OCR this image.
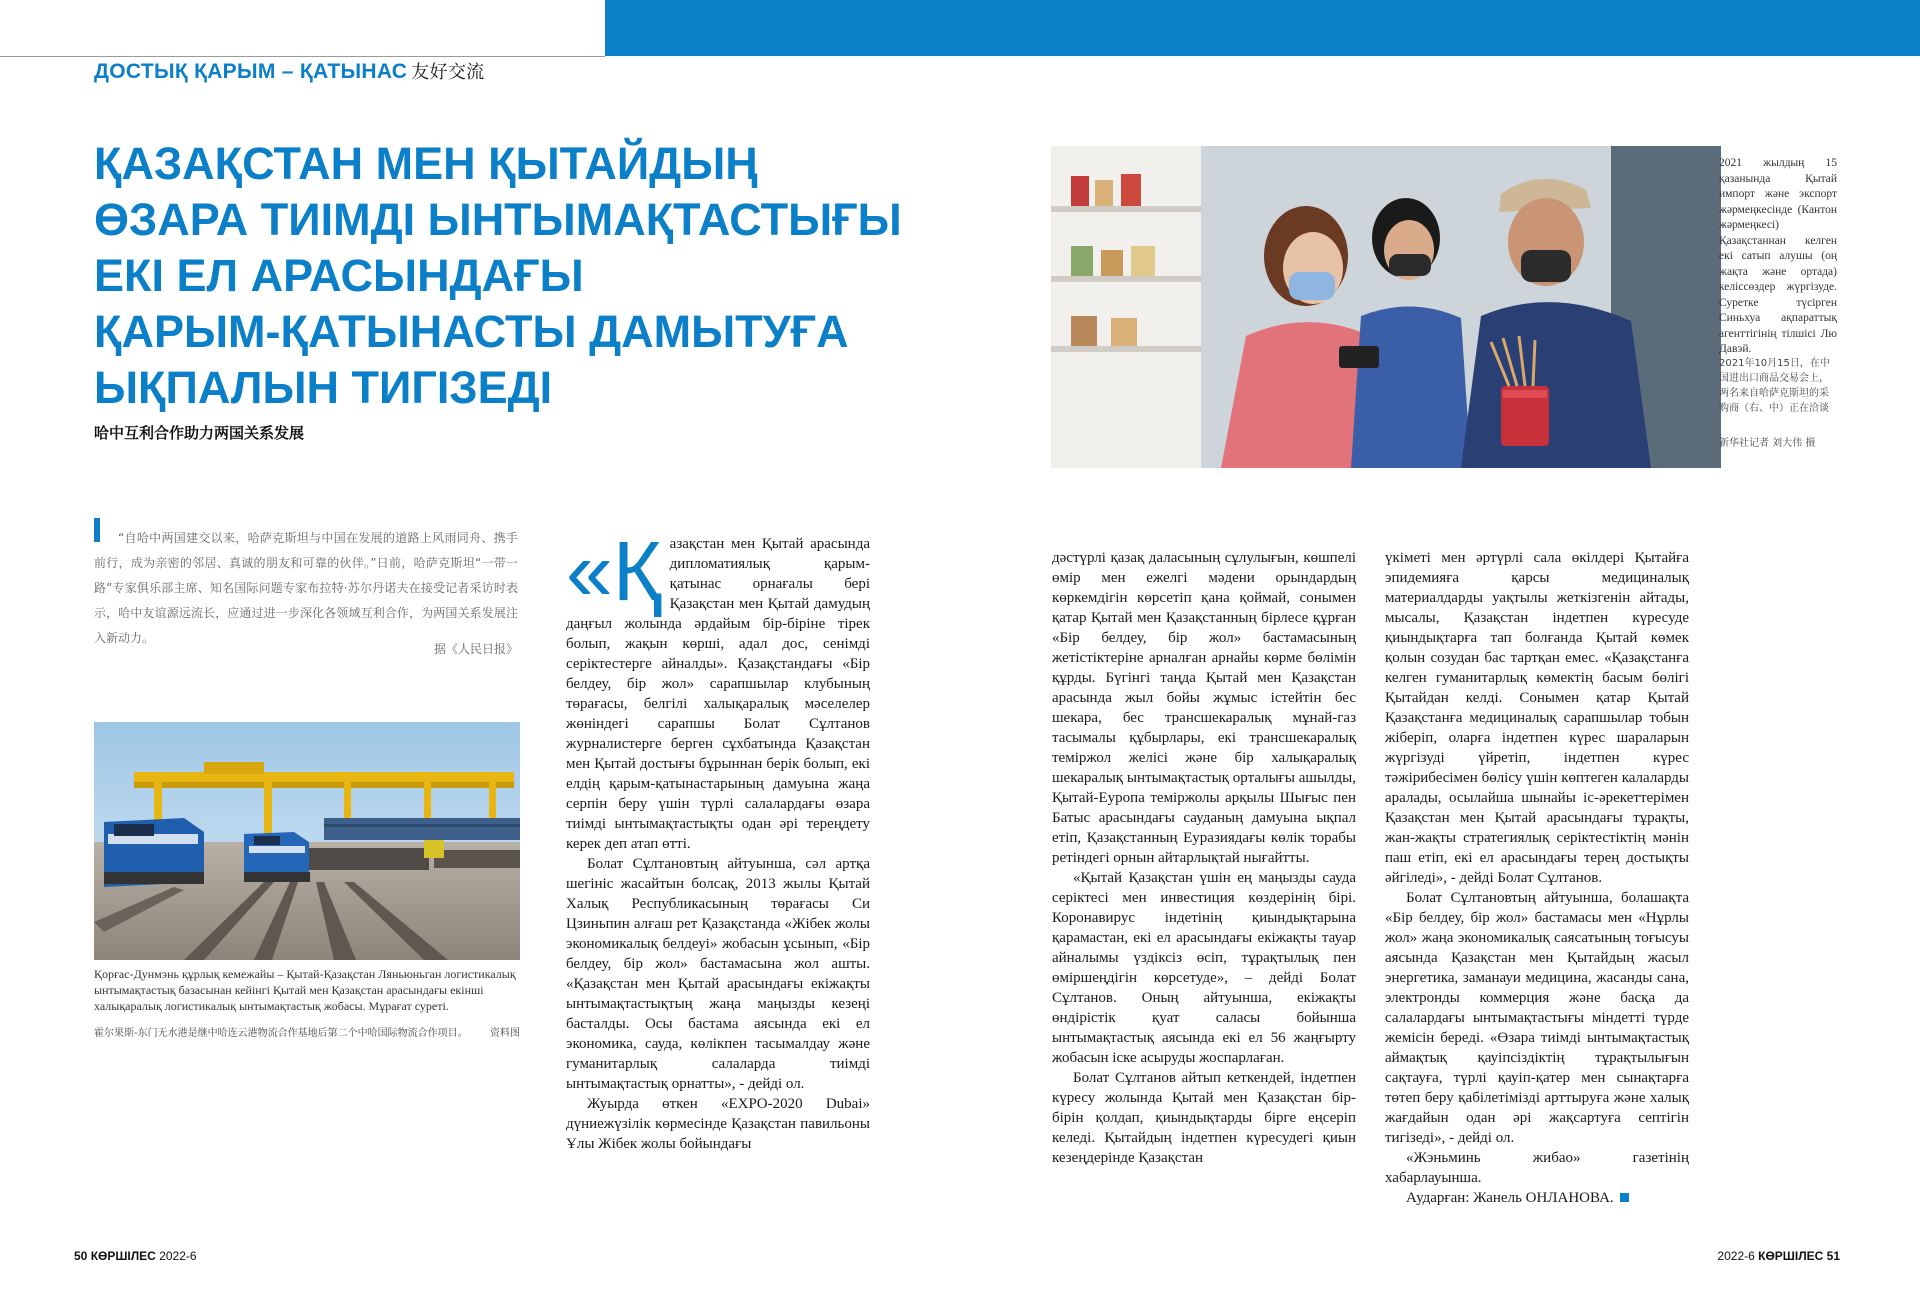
ДОСТЫҚ ҚАРЫМ – ҚАТЫНАС 友好交流
ҚАЗАҚСТАН МЕН ҚЫТАЙДЫҢ
ӨЗАРА ТИІМДІ ЫНТЫМАҚТАСТЫҒЫ
ЕКІ ЕЛ АРАСЫНДАҒЫ
ҚАРЫМ-ҚАТЫНАСТЫ ДАМЫТУҒА
ЫҚПАЛЫН ТИГІЗЕДІ
哈中互利合作助力两国关系发展
“自哈中两国建交以来，哈萨克斯坦与中国在发展的道路上风雨同舟、携手前行，成为亲密的邻居、真诚的朋友和可靠的伙伴。”日前，哈萨克斯坦“一带一路”专家俱乐部主席、知名国际问题专家布拉特·苏尔丹诺夫在接受记者采访时表示，哈中友谊源远流长，应通过进一步深化各领域互利合作，为两国关系发展注入新动力。
据《人民日报》
Қорғас-Дунмэнь құрлық кемежайы – Қытай-Қазақстан Ляньюньган логистикалық ынтымақтастық базасынан кейінгі Қытай мен Қазақстан арасындағы екінші халықаралық логистикалық ынтымақтастық жобасы. Мұрағат суреті.
霍尔果斯-东门无水港是继中哈连云港物流合作基地后第二个中哈国际物流合作项目。 资料图
2021 жылдың 15 қазанында Қытай импорт және экспорт жәрмеңкесінде (Кантон жәрмеңкесі) Қазақстаннан келген екі сатып алушы (оң жақта және ортада) келіссөздер жүргізуде. Суретке түсірген Синьхуа ақпараттық агенттігінің тілшісі Лю Давэй.
2021年10月15日，在中国进出口商品交易会上，两名来自哈萨克斯坦的采购商（右、中）正在洽谈
新华社记者 刘大伟 摄
«Қ азақстан мен Қытай арасында дипломатиялық қарым-қатынас орнағалы бері Қазақстан мен Қытай дамудың даңғыл жолында әрдайым бір-біріне тірек болып, жақын көрші, адал дос, сенімді серіктестерге айналды». Қазақстандағы «Бір белдеу, бір жол» сарапшылар клубының төрағасы, белгілі халықаралық мәселелер жөніндегі сарапшы Болат Сұлтанов журналистерге берген сұхбатында Қазақстан мен Қытай достығы бұрыннан берік болып, екі елдің қарым-қатынастарының дамуына жаңа серпін беру үшін түрлі салалардағы өзара тиімді ынтымақтастықты одан әрі тереңдету керек деп атап өтті.

Болат Сұлтановтың айтуынша, сәл артқа шегініс жасайтын болсақ, 2013 жылы Қытай Халық Республикасының төрағасы Си Цзиньпин алғаш рет Қазақстанда «Жібек жолы экономикалық белдеуі» жобасын ұсынып, «Бір белдеу, бір жол» бастамасына жол ашты. «Қазақстан мен Қытай арасындағы екіжақты ынтымақтастықтың жаңа маңызды кезеңі басталды. Осы бастама аясында екі ел экономика, сауда, көлікпен тасымалдау және гуманитарлық салаларда тиімді ынтымақтастық орнатты», - дейді ол.

Жуырда өткен «EXPO-2020 Dubai» дүниежүзілік көрмесінде Қазақстан павильоны Ұлы Жібек жолы бойындағы

дәстүрлі қазақ даласының сұлулығын, көшпелі өмір мен ежелгі мәдени орындардың көркемдігін көрсетіп қана қоймай, сонымен қатар Қытай мен Қазақстанның бірлесе құрған «Бір белдеу, бір жол» бастамасының жетістіктеріне арналған арнайы көрме бөлімін құрды. Бүгінгі таңда Қытай мен Қазақстан арасында жыл бойы жұмыс істейтін бес шекара, бес трансшекаралық мұнай-газ тасымалы құбырлары, екі трансшекаралық теміржол желісі және бір халықаралық шекаралық ынтымақтастық орталығы ашылды, Қытай-Еуропа теміржолы арқылы Шығыс пен Батыс арасындағы сауданың дамуына ықпал етіп, Қазақстанның Еуразиядағы көлік торабы ретіндегі орнын айтарлықтай нығайтты.

«Қытай Қазақстан үшін ең маңызды сауда серіктесі мен инвестиция көздерінің бірі. Коронавирус індетінің қиындықтарына қарамастан, екі ел арасындағы екіжақты тауар айналымы үздіксіз өсіп, тұрақтылық пен өміршеңдігін көрсетуде», – дейді Болат Сұлтанов. Оның айтуынша, екіжақты өндірістік қуат саласы бойынша ынтымақтастық аясында екі ел 56 жаңғырту жобасын іске асыруды жоспарлаған.

Болат Сұлтанов айтып кеткендей, індетпен күресу жолында Қытай мен Қазақстан бір-бірін қолдап, қиындықтарды бірге еңсеріп келеді. Қытайдың індетпен күресудегі қиын кезеңдерінде Қазақстан

үкіметі мен әртүрлі сала өкілдері Қытайға эпидемияға қарсы медициналық материалдарды уақтылы жеткізгенін айтады, мысалы, Қазақстан індетпен күресуде қиындықтарға тап болғанда Қытай көмек қолын созудан бас тартқан емес. «Қазақстанға келген гуманитарлық көмектің басым бөлігі Қытайдан келді. Сонымен қатар Қытай Қазақстанға медициналық сарапшылар тобын жіберіп, оларға індетпен күрес шараларын жүргізуді үйретіп, індетпен күрес тәжірибесімен бөлісу үшін көптеген калаларды аралады, осылайша шынайы іс-әрекеттерімен Қазақстан мен Қытай арасындағы тұрақты, жан-жақты стратегиялық серіктестіктің мәнін паш етіп, екі ел арасындағы терең достықты әйгіледі», - дейді Болат Сұлтанов.

Болат Сұлтановтың айтуынша, болашақта «Бір белдеу, бір жол» бастамасы мен «Нұрлы жол» жаңа экономикалық саясатының тоғысуы аясында Қазақстан мен Қытайдың жасыл энергетика, заманауи медицина, жасанды сана, электронды коммерция және басқа да салалардағы ынтымақтастығы міндетті түрде жемісін береді. «Өзара тиімді ынтымақтастық аймақтық қауіпсіздіктің тұрақтылығын сақтауға, түрлі қауіп-қатер мен сынақтарға төтеп беру қабілетімізді арттыруға және халық жағдайын одан әрі жақсартуға септігін тигізеді», - дейді ол.

«Жэньминь жибао» газетінің хабарлауынша.

Аударған: Жанель ОНЛАНОВА.

50 КӨРШІЛЕС 2022-6	2022-6 КӨРШІЛЕС 51
